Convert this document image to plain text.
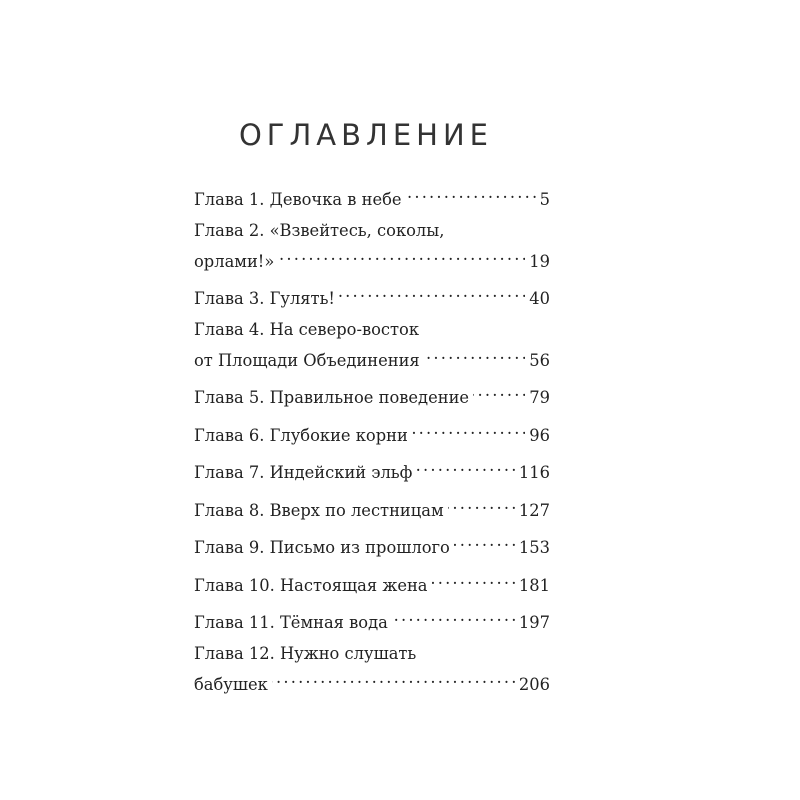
ОГЛАВЛЕНИЕ
Глава 1. Девочка в небе . . .	5
Глава 2. «Взвейтесь, соколы,
орлами!» . . .	19
Глава 3. Гулять! . . .	40
Глава 4. На северо-восток
от Площади Объединения . . .	56
Глава 5. Правильное поведение . . .	79
Глава 6. Глубокие корни . . .	96
Глава 7. Индейский эльф . . .	116
Глава 8. Вверх по лестницам . . .	127
Глава 9. Письмо из прошлого . . .	153
Глава 10. Настоящая жена . . .	181
Глава 11. Тёмная вода . . .	197
Глава 12. Нужно слушать
бабушек . . .	206
